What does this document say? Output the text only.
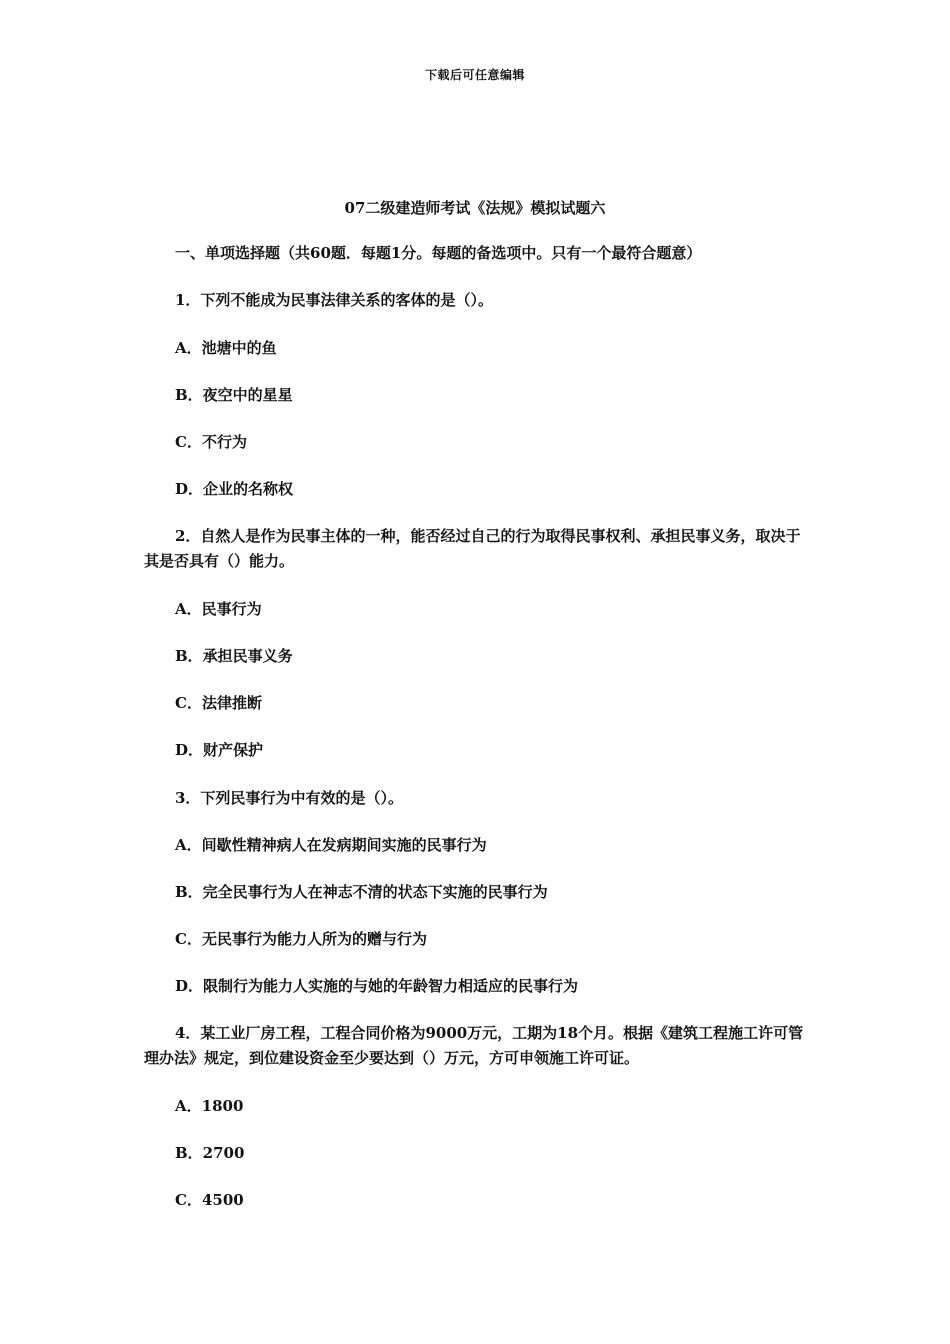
下载后可任意编辑
07二级建造师考试《法规》模拟试题六
一、单项选择题（共60题．每题1分。每题的备选项中。只有一个最符合题意）
1．下列不能成为民事法律关系的客体的是（）。
A．池塘中的鱼
B．夜空中的星星
C．不行为
D．企业的名称权
2．自然人是作为民事主体的一种，能否经过自己的行为取得民事权利、承担民事义务，取决于其是否具有（）能力。
A．民事行为
B．承担民事义务
C．法律推断
D．财产保护
3．下列民事行为中有效的是（）。
A．间歇性精神病人在发病期间实施的民事行为
B．完全民事行为人在神志不清的状态下实施的民事行为
C．无民事行为能力人所为的赠与行为
D．限制行为能力人实施的与她的年龄智力相适应的民事行为
4．某工业厂房工程，工程合同价格为9000万元，工期为18个月。根据《建筑工程施工许可管理办法》规定，到位建设资金至少要达到（）万元，方可申领施工许可证。
A．1800
B．2700
C．4500
